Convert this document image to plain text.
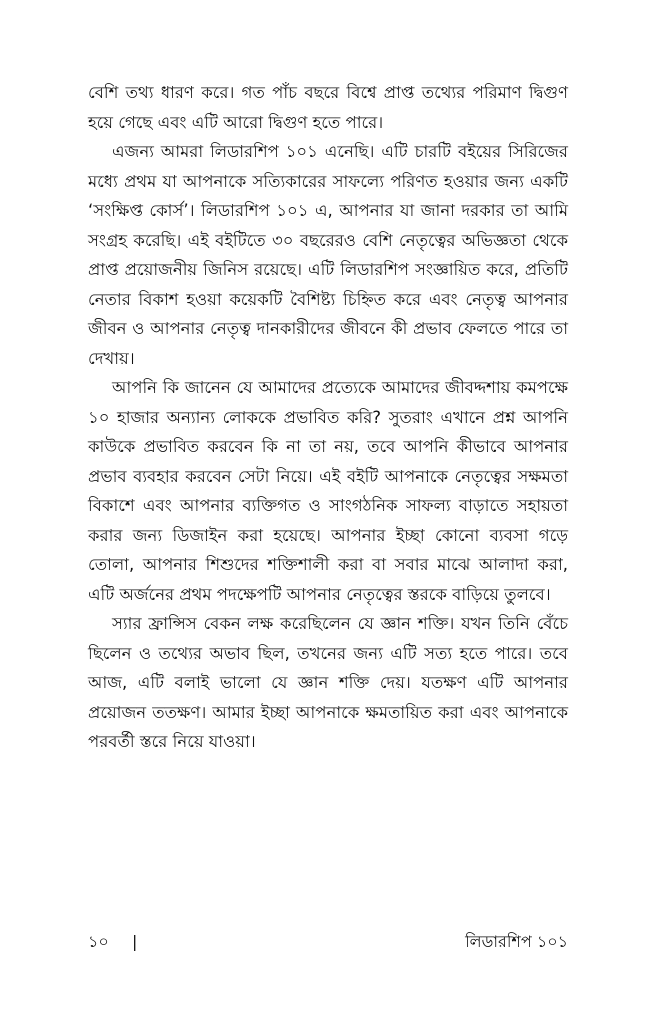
বেশি তথ্য ধারণ করে। গত পাঁচ বছরে বিশ্বে প্রাপ্ত তথ্যের পরিমাণ দ্বিগুণ হয়ে গেছে এবং এটি আরো দ্বিগুণ হতে পারে।

এজন্য আমরা লিডারশিপ ১০১ এনেছি। এটি চারটি বইয়ের সিরিজের মধ্যে প্রথম যা আপনাকে সত্যিকারের সাফল্যে পরিণত হওয়ার জন্য একটি ‘সংক্ষিপ্ত কোর্স’। লিডারশিপ ১০১ এ, আপনার যা জানা দরকার তা আমি সংগ্রহ করেছি। এই বইটিতে ৩০ বছরেরও বেশি নেতৃত্বের অভিজ্ঞতা থেকে প্রাপ্ত প্রয়োজনীয় জিনিস রয়েছে। এটি লিডারশিপ সংজ্ঞায়িত করে, প্রতিটি নেতার বিকাশ হওয়া কয়েকটি বৈশিষ্ট্য চিহ্নিত করে এবং নেতৃত্ব আপনার জীবন ও আপনার নেতৃত্ব দানকারীদের জীবনে কী প্রভাব ফেলতে পারে তা দেখায়।

আপনি কি জানেন যে আমাদের প্রত্যেকে আমাদের জীবদ্দশায় কমপক্ষে ১০ হাজার অন্যান্য লোককে প্রভাবিত করি? সুতরাং এখানে প্রশ্ন আপনি কাউকে প্রভাবিত করবেন কি না তা নয়, তবে আপনি কীভাবে আপনার প্রভাব ব্যবহার করবেন সেটা নিয়ে। এই বইটি আপনাকে নেতৃত্বের সক্ষমতা বিকাশে এবং আপনার ব্যক্তিগত ও সাংগঠনিক সাফল্য বাড়াতে সহায়তা করার জন্য ডিজাইন করা হয়েছে। আপনার ইচ্ছা কোনো ব্যবসা গড়ে তোলা, আপনার শিশুদের শক্তিশালী করা বা সবার মাঝে আলাদা করা, এটি অর্জনের প্রথম পদক্ষেপটি আপনার নেতৃত্বের স্তরকে বাড়িয়ে তুলবে।

স্যার ফ্রান্সিস বেকন লক্ষ করেছিলেন যে জ্ঞান শক্তি। যখন তিনি বেঁচে ছিলেন ও তথ্যের অভাব ছিল, তখনের জন্য এটি সত্য হতে পারে। তবে আজ, এটি বলাই ভালো যে জ্ঞান শক্তি দেয়। যতক্ষণ এটি আপনার প্রয়োজন ততক্ষণ। আমার ইচ্ছা আপনাকে ক্ষমতায়িত করা এবং আপনাকে পরবর্তী স্তরে নিয়ে যাওয়া।

১০ |	লিডারশিপ ১০১
